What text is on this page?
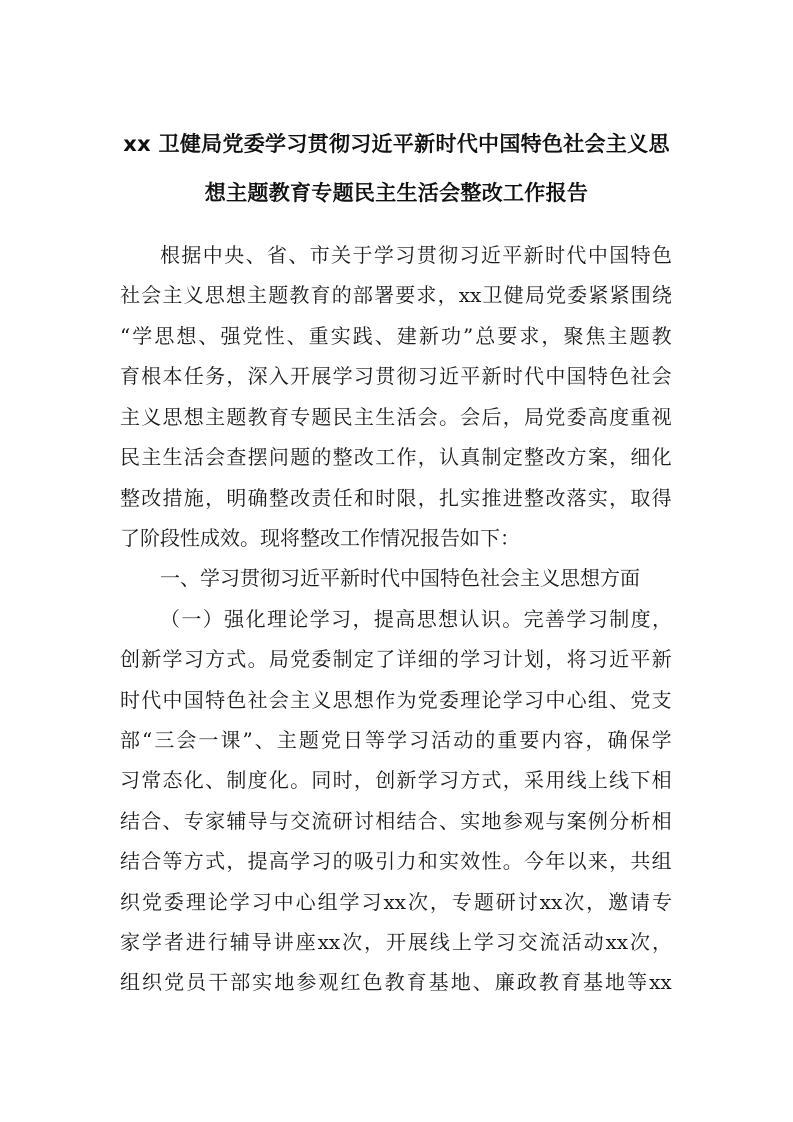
xx 卫健局党委学习贯彻习近平新时代中国特色社会主义思
想主题教育专题民主生活会整改工作报告
根 据 中 央 、 省 、 市 关 于 学 习 贯 彻 习 近 平 新 时 代 中 国 特 色
社 会 主 义 思 想 主 题 教 育 的 部 署 要 求 ， xx 卫 健 局 党 委 紧 紧 围 绕
“ 学 思 想 、 强 党 性 、 重 实 践 、 建 新 功 ” 总 要 求 ， 聚 焦 主 题 教
育 根 本 任 务 ， 深 入 开 展 学 习 贯 彻 习 近 平 新 时 代 中 国 特 色 社 会
主 义 思 想 主 题 教 育 专 题 民 主 生 活 会 。 会 后 ， 局 党 委 高 度 重 视
民 主 生 活 会 查 摆 问 题 的 整 改 工 作 ， 认 真 制 定 整 改 方 案 ， 细 化
整 改 措 施 ， 明 确 整 改 责 任 和 时 限 ， 扎 实 推 进 整 改 落 实 ， 取 得
了阶段性成效。现将整改工作情况报告如下：
一、学习贯彻习近平新时代中国特色社会主义思想方面
（ 一 ） 强 化 理 论 学 习 ， 提 高 思 想 认 识 。 完 善 学 习 制 度 ，
创 新 学 习 方 式 。 局 党 委 制 定 了 详 细 的 学 习 计 划 ， 将 习 近 平 新
时 代 中 国 特 色 社 会 主 义 思 想 作 为 党 委 理 论 学 习 中 心 组 、 党 支
部 “ 三 会 一 课 ” 、 主 题 党 日 等 学 习 活 动 的 重 要 内 容 ， 确 保 学
习 常 态 化 、 制 度 化 。 同 时 ， 创 新 学 习 方 式 ， 采 用 线 上 线 下 相
结 合 、 专 家 辅 导 与 交 流 研 讨 相 结 合 、 实 地 参 观 与 案 例 分 析 相
结 合 等 方 式 ， 提 高 学 习 的 吸 引 力 和 实 效 性 。 今 年 以 来 ， 共 组
织 党 委 理 论 学 习 中 心 组 学 习 xx 次 ， 专 题 研 讨 xx 次 ， 邀 请 专
家 学 者 进 行 辅 导 讲 座 xx 次 ， 开 展 线 上 学 习 交 流 活 动 xx 次 ，
组 织 党 员 干 部 实 地 参 观 红 色 教 育 基 地 、 廉 政 教 育 基 地 等 xx
